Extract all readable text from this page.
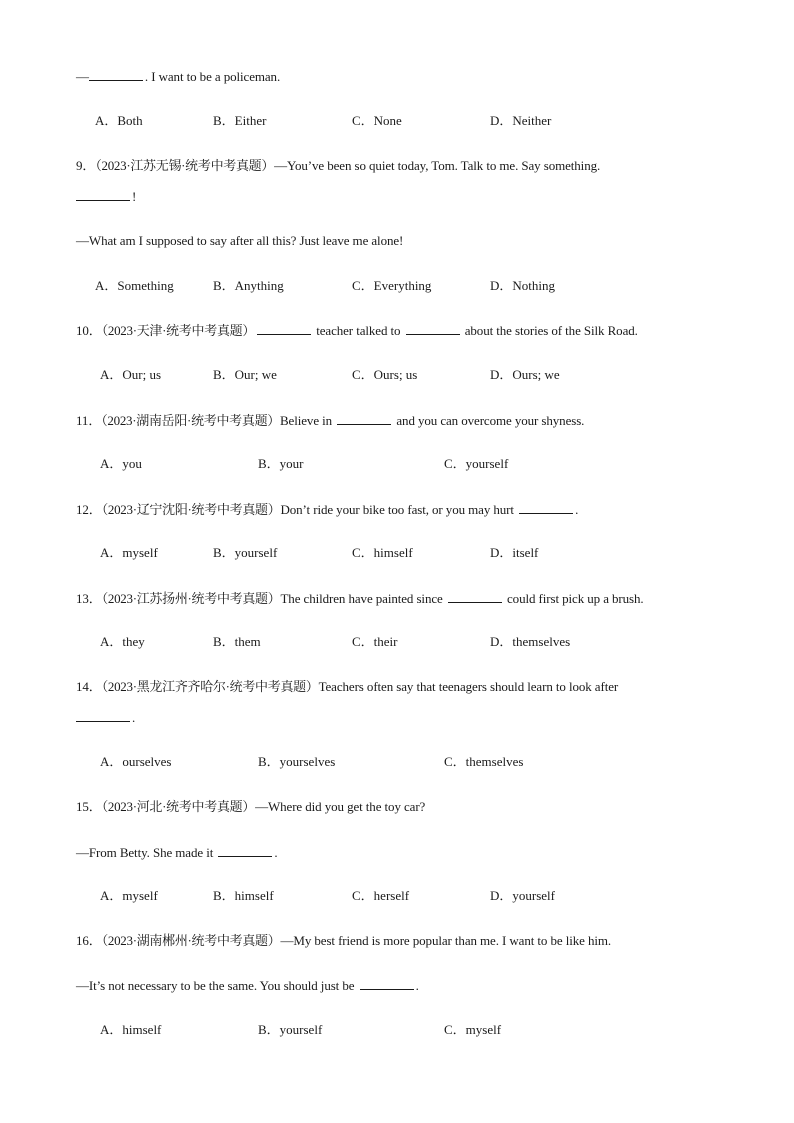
—	. I want to be a policeman.
A．Both	B．Either	C．None	D．Neither
9．（2023·江苏无锡·统考中考真题）—You’ve been so quiet today, Tom. Talk to me. Say something.
!
—What am I supposed to say after all this? Just leave me alone!
A．Something	B．Anything	C．Everything	D．Nothing
10．（2023·天津·统考中考真题）	teacher talked to	about the stories of the Silk Road.
A．Our; us	B．Our; we	C．Ours; us	D．Ours; we
11．（2023·湖南岳阳·统考中考真题）Believe in	and you can overcome your shyness.
A．you	B．your	C．yourself
12．（2023·辽宁沈阳·统考中考真题）Don’t ride your bike too fast, or you may hurt	.
A．myself	B．yourself	C．himself	D．itself
13．（2023·江苏扬州·统考中考真题）The children have painted since	could first pick up a brush.
A．they	B．them	C．their	D．themselves
14．（2023·黑龙江齐齐哈尔·统考中考真题）Teachers often say that teenagers should learn to look after
.
A．ourselves	B．yourselves	C．themselves
15．（2023·河北·统考中考真题）—Where did you get the toy car?
—From Betty. She made it	.
A．myself	B．himself	C．herself	D．yourself
16．（2023·湖南郴州·统考中考真题）—My best friend is more popular than me. I want to be like him.
—It’s not necessary to be the same. You should just be	.
A．himself	B．yourself	C．myself
